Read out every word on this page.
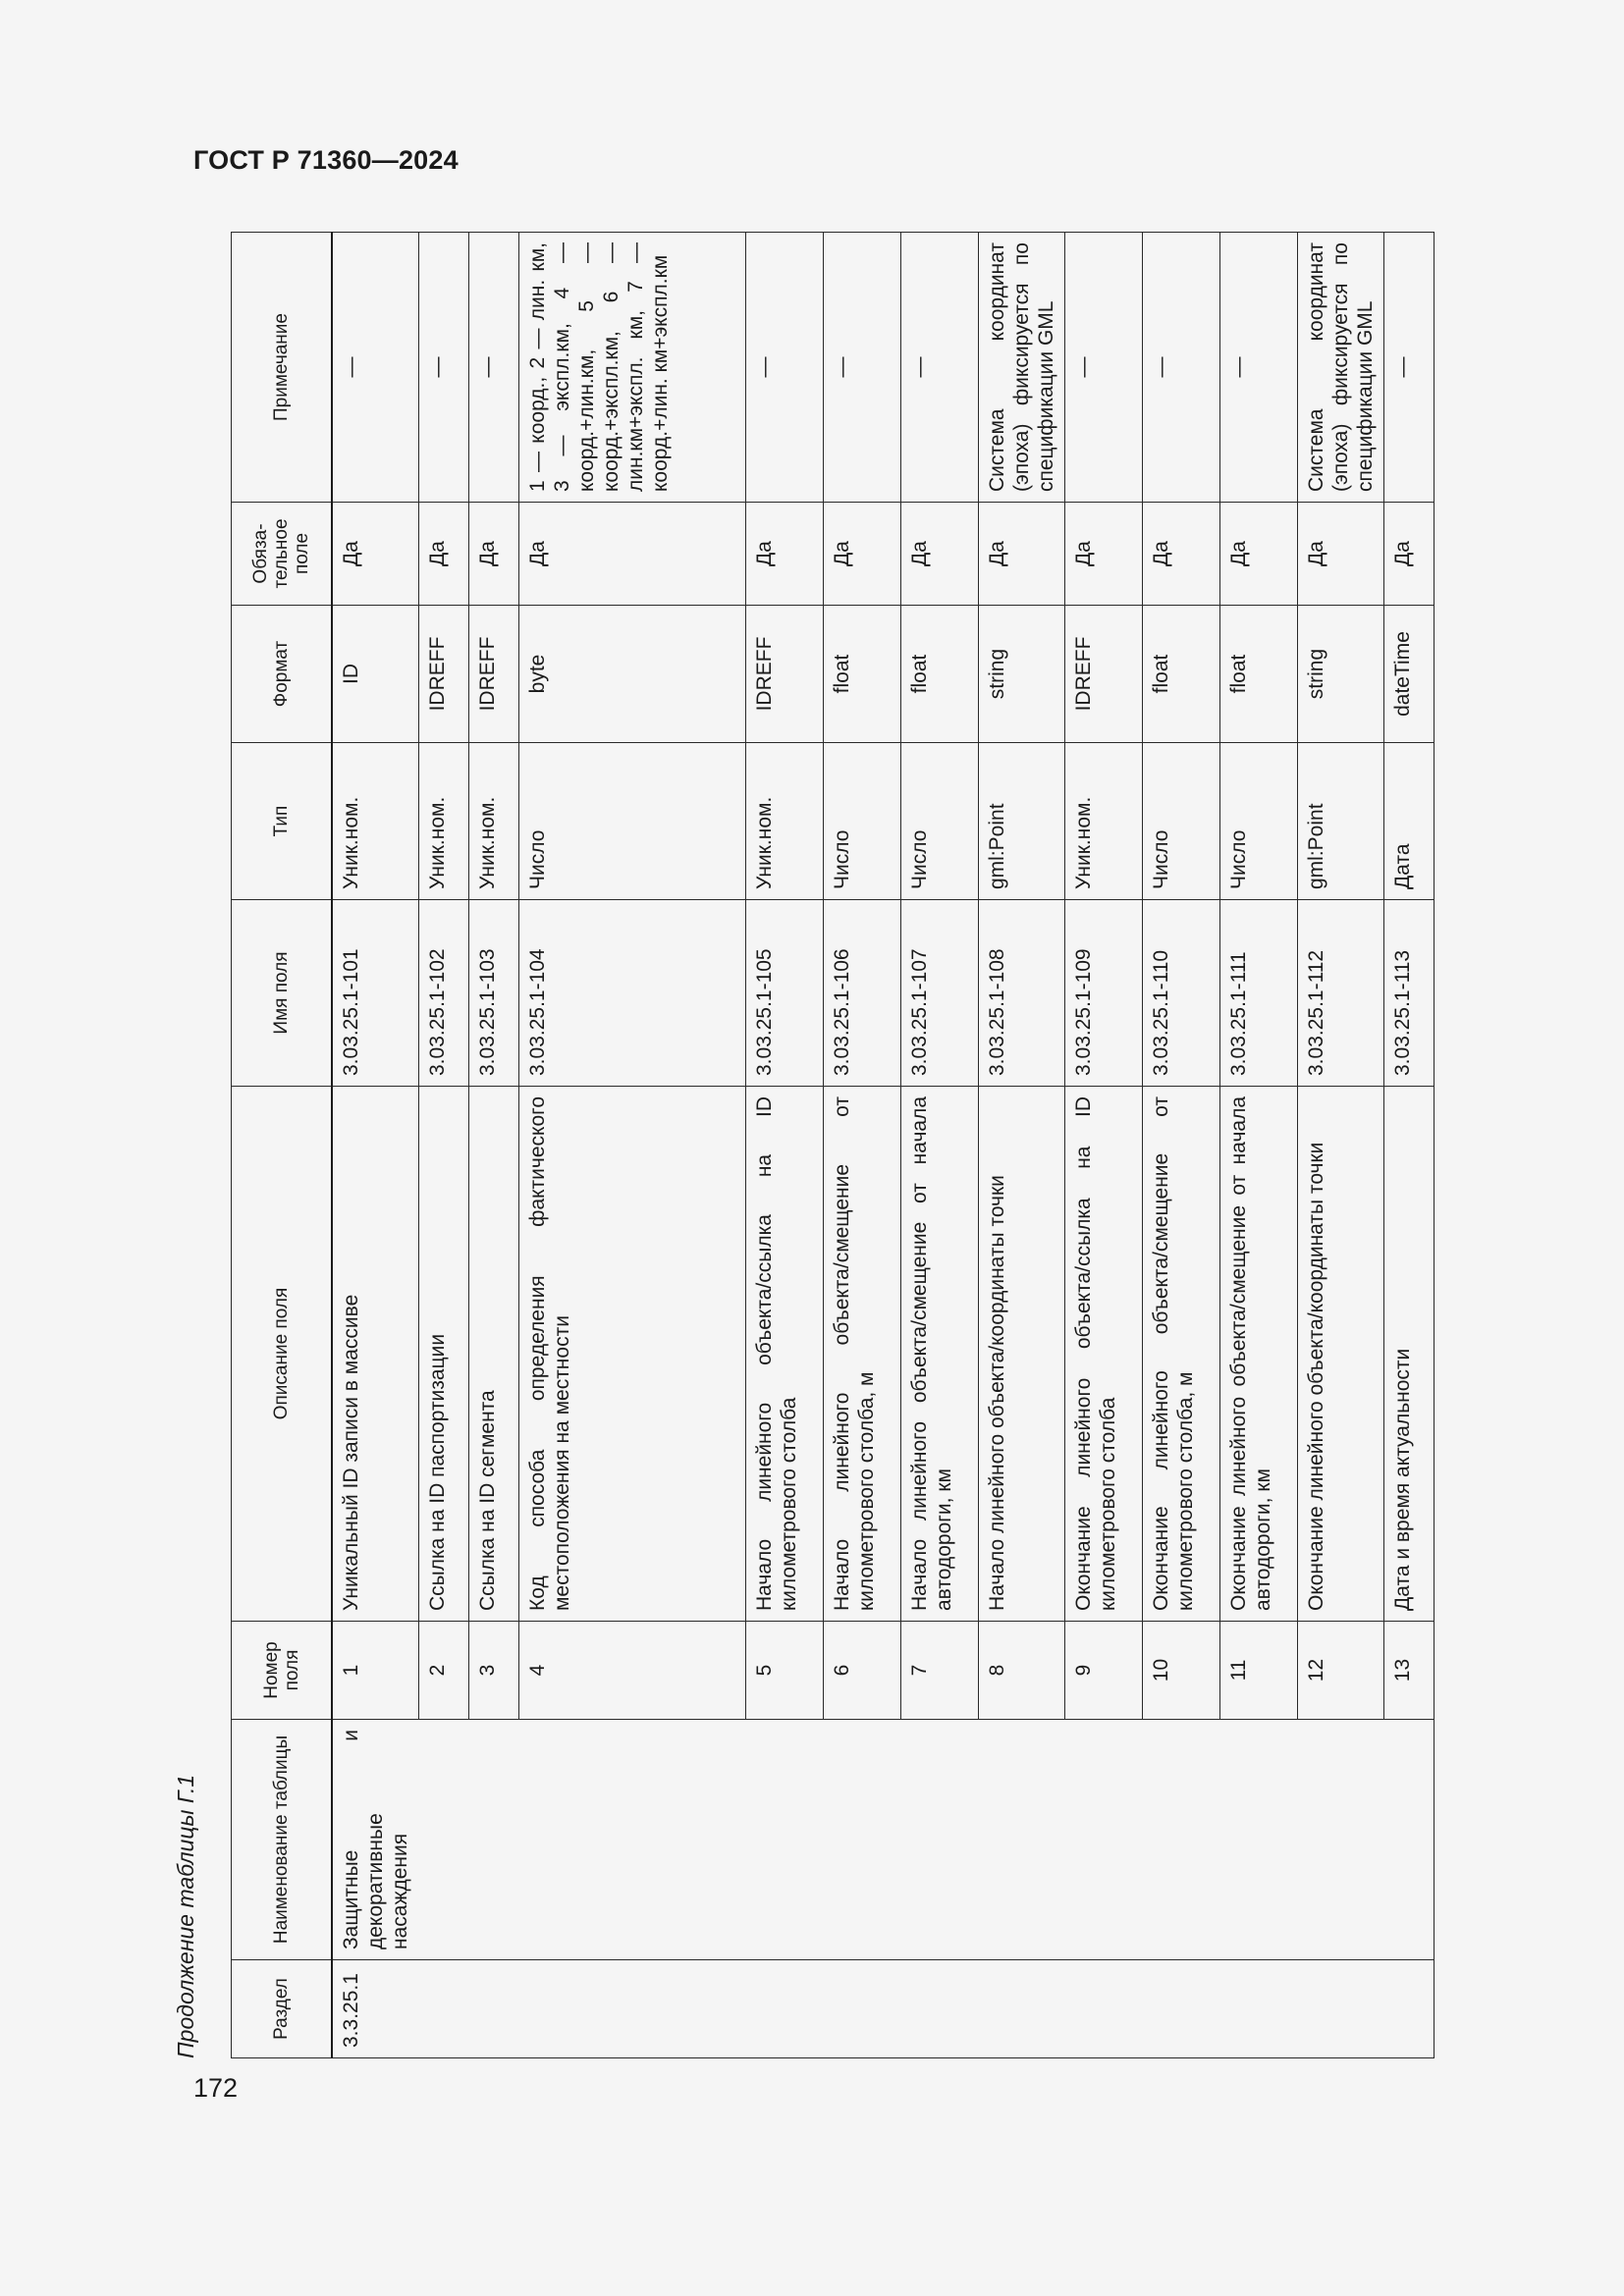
ГОСТ Р 71360—2024
Продолжение таблицы Г.1	Раздел	Наименование таблицы	Номер поля	Описание поля	Имя поля	Тип	Формат	Обяза-тельное поле	Примечание
3.3.25.1	Защитные и декоративные насаждения	1	Уникальный ID записи в массиве	3.03.25.1-101	Уник.ном.	ID	Да	—
		2	Ссылка на ID паспортизации	3.03.25.1-102	Уник.ном.	IDREFF	Да	—
		3	Ссылка на ID сегмента	3.03.25.1-103	Уник.ном.	IDREFF	Да	—
		4	Код способа определения фактического местоположения на местности	3.03.25.1-104	Число	byte	Да	1 — коорд., 2 — лин. км, 3 — экспл.км, 4 — коорд.+лин.км, 5 — коорд.+экспл.км, 6 — лин.км+экспл. км, 7 — коорд.+лин. км+экспл.км
		5	Начало линейного объекта/ссылка на ID километрового столба	3.03.25.1-105	Уник.ном.	IDREFF	Да	—
		6	Начало линейного объекта/смещение от километрового столба, м	3.03.25.1-106	Число	float	Да	—
		7	Начало линейного объекта/смещение от начала автодороги, км	3.03.25.1-107	Число	float	Да	—
		8	Начало линейного объекта/координаты точки	3.03.25.1-108	gml:Point	string	Да	Система координат (эпоха) фиксируется по спецификации GML
		9	Окончание линейного объекта/ссылка на ID километрового столба	3.03.25.1-109	Уник.ном.	IDREFF	Да	—
		10	Окончание линейного объекта/смещение от километрового столба, м	3.03.25.1-110	Число	float	Да	—
		11	Окончание линейного объекта/смещение от начала автодороги, км	3.03.25.1-111	Число	float	Да	—
		12	Окончание линейного объекта/координаты точки	3.03.25.1-112	gml:Point	string	Да	Система координат (эпоха) фиксируется по спецификации GML
		13	Дата и время актуальности	3.03.25.1-113	Дата	dateTime	Да	—
172
